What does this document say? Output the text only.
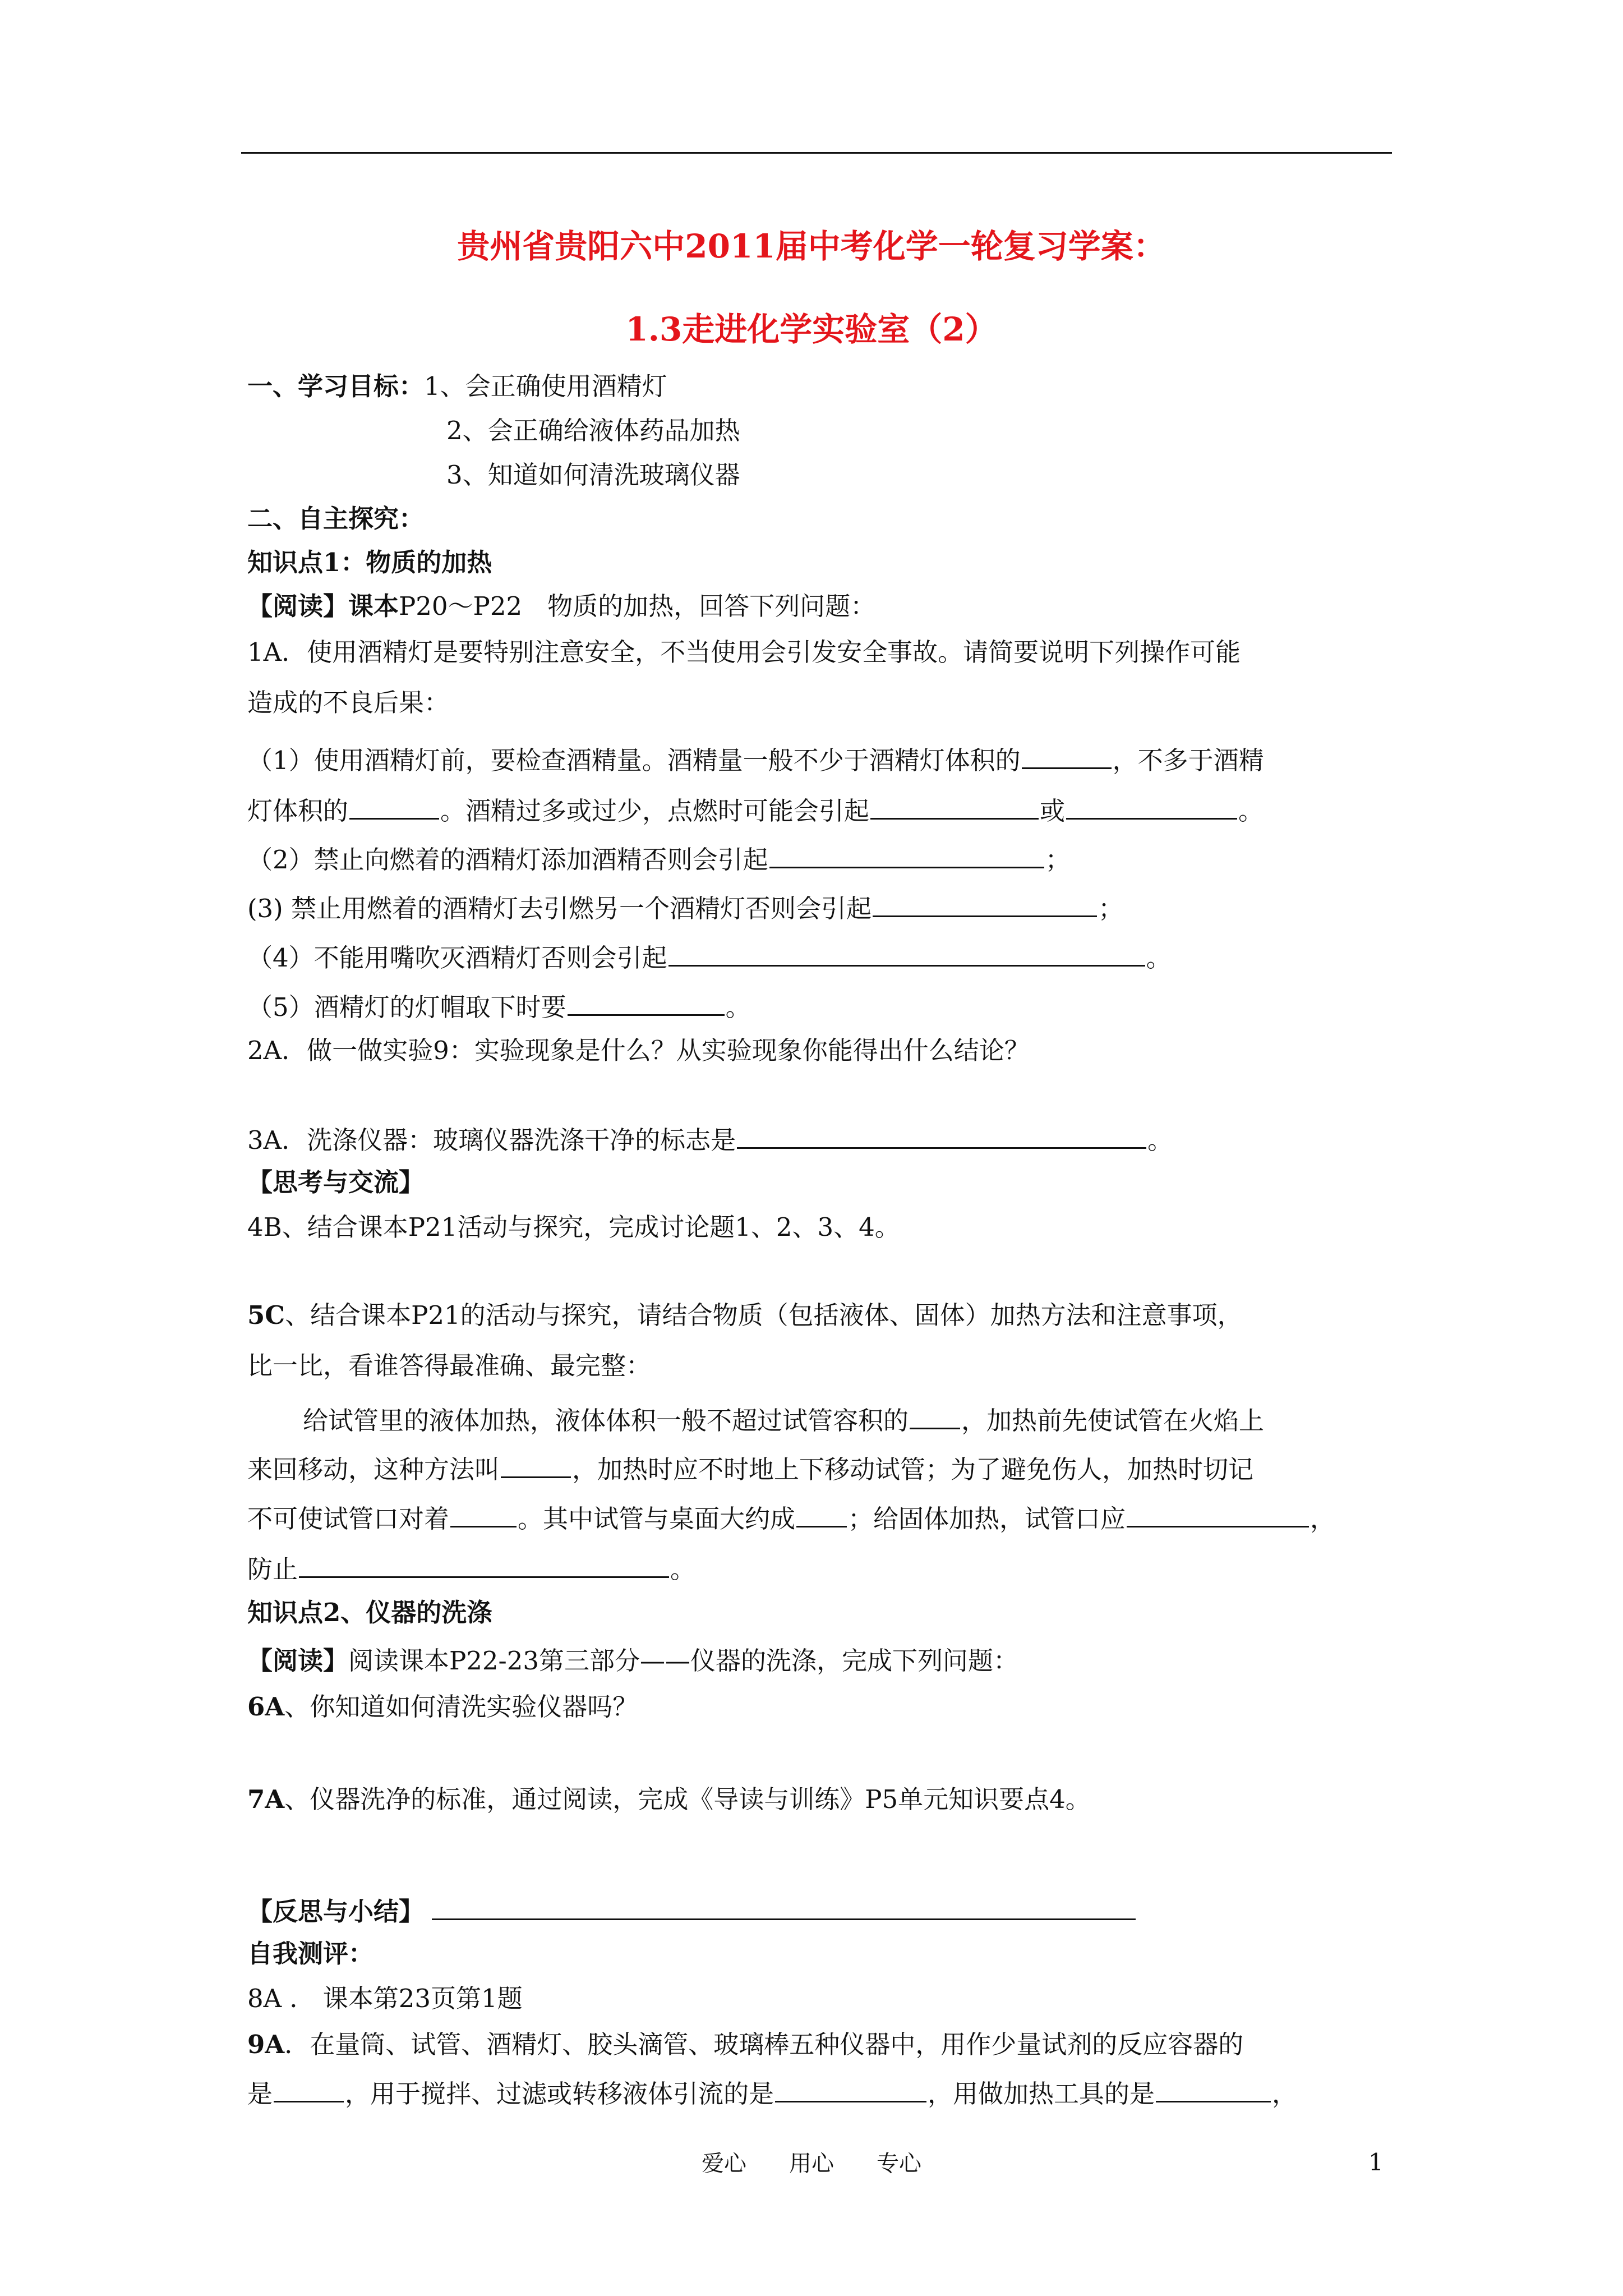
贵州省贵阳六中2011届中考化学一轮复习学案：
1.3走进化学实验室（2）
一、学习目标：1、会正确使用酒精灯
2、会正确给液体药品加热
3、知道如何清洗玻璃仪器
二、自主探究：
知识点1：物质的加热
【阅读】课本P20～P22　物质的加热，回答下列问题：
1A．使用酒精灯是要特别注意安全，不当使用会引发安全事故。请简要说明下列操作可能
造成的不良后果：
（1）使用酒精灯前，要检查酒精量。酒精量一般不少于酒精灯体积的	，不多于酒精
灯体积的	。酒精过多或过少，点燃时可能会引起	或	。
（2）禁止向燃着的酒精灯添加酒精否则会引起	；
(3) 禁止用燃着的酒精灯去引燃另一个酒精灯否则会引起	；
（4）不能用嘴吹灭酒精灯否则会引起	。
（5）酒精灯的灯帽取下时要	。
2A．做一做实验9：实验现象是什么？从实验现象你能得出什么结论？
3A．洗涤仪器：玻璃仪器洗涤干净的标志是	。
【思考与交流】
4B、结合课本P21活动与探究，完成讨论题1、2、3、4。
5C、结合课本P21的活动与探究，请结合物质（包括液体、固体）加热方法和注意事项，
比一比，看谁答得最准确、最完整：
给试管里的液体加热，液体体积一般不超过试管容积的 ，加热前先使试管在火焰上
来回移动，这种方法叫	，加热时应不时地上下移动试管；为了避免伤人，加热时切记
不可使试管口对着	。其中试管与桌面大约成 ；给固体加热，试管口应	，
防止	。
知识点2、仪器的洗涤
【阅读】阅读课本P22-23第三部分——仪器的洗涤，完成下列问题：
6A、你知道如何清洗实验仪器吗？
7A、仪器洗净的标准，通过阅读，完成《导读与训练》P5单元知识要点4。
【反思与小结】
自我测评：
8A ． 课本第23页第1题
9A．在量筒、试管、酒精灯、胶头滴管、玻璃棒五种仪器中，用作少量试剂的反应容器的
是	，用于搅拌、过滤或转移液体引流的是	，用做加热工具的是	，
爱心 用心 专心	1
